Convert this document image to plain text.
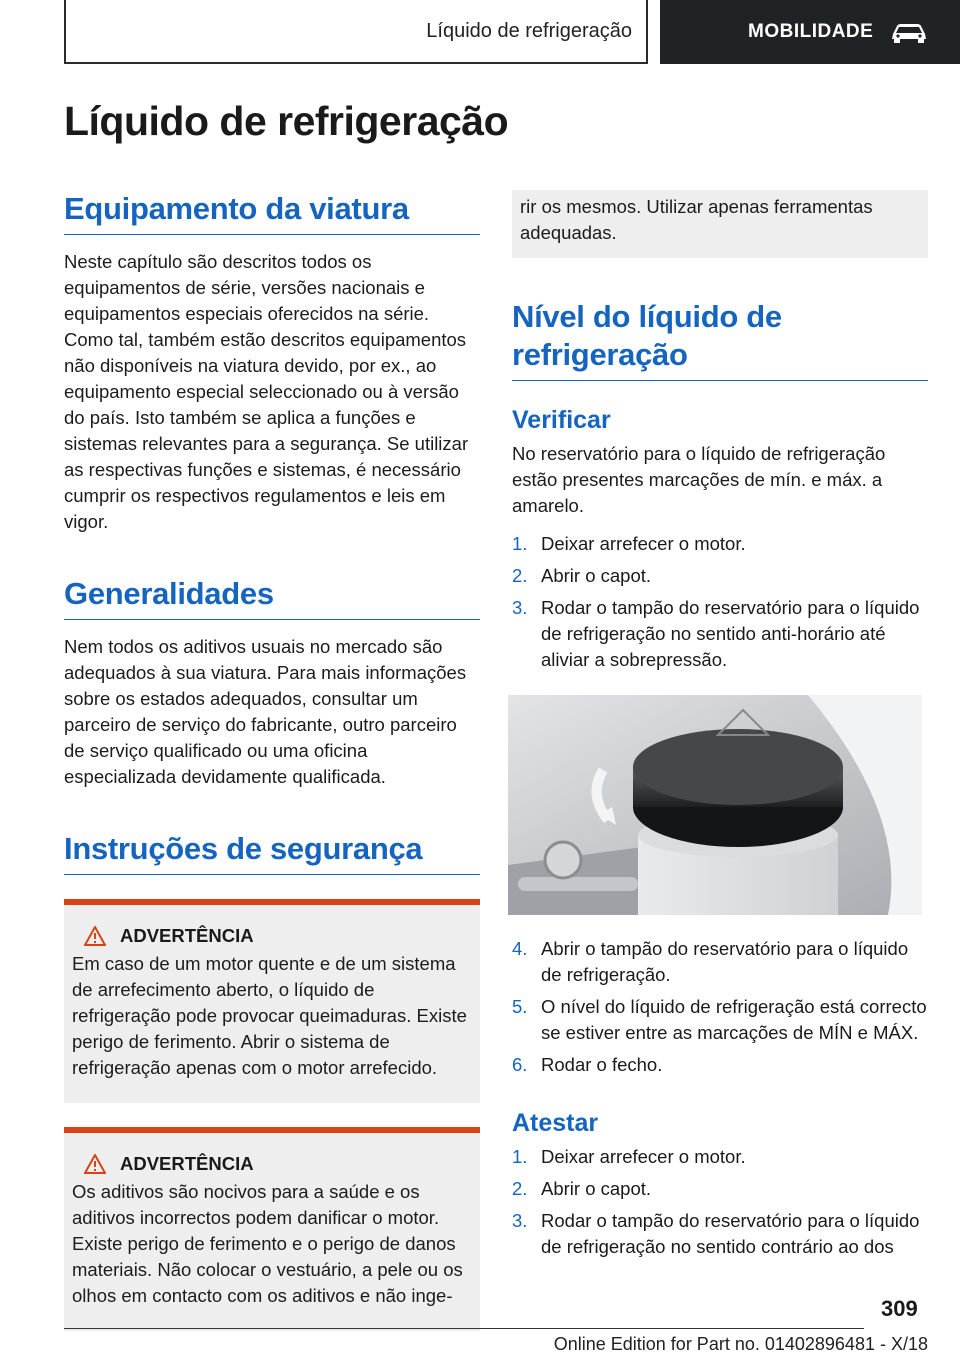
Líquido de refrigeração	MOBILIDADE
Líquido de refrigeração
Equipamento da viatura

Neste capítulo são descritos todos os equipamentos de série, versões nacionais e equipamentos especiais oferecidos na série. Como tal, também estão descritos equipamentos não disponíveis na viatura devido, por ex., ao equipamento especial seleccionado ou à versão do país. Isto também se aplica a funções e sistemas relevantes para a segurança. Se utilizar as respectivas funções e sistemas, é necessário cumprir os respectivos regulamentos e leis em vigor.

Generalidades

Nem todos os aditivos usuais no mercado são adequados à sua viatura. Para mais informações sobre os estados adequados, consultar um parceiro de serviço do fabricante, outro parceiro de serviço qualificado ou uma oficina especializada devidamente qualificada.

Instruções de segurança
ADVERTÊNCIA

Em caso de um motor quente e de um sistema de arrefecimento aberto, o líquido de refrigeração pode provocar queimaduras. Existe perigo de ferimento. Abrir o sistema de refrigeração apenas com o motor arrefecido.

ADVERTÊNCIA

Os aditivos são nocivos para a saúde e os aditivos incorrectos podem danificar o motor. Existe perigo de ferimento e o perigo de danos materiais. Não colocar o vestuário, a pele ou os olhos em contacto com os aditivos e não inge-

rir os mesmos. Utilizar apenas ferramentas adequadas.

Nível do líquido de refrigeração
Verificar

No reservatório para o líquido de refrigeração estão presentes marcações de mín. e máx. a amarelo.

1. Deixar arrefecer o motor.
2. Abrir o capot.
3. Rodar o tampão do reservatório para o líquido de refrigeração no sentido anti-horário até aliviar a sobrepressão.
4. Abrir o tampão do reservatório para o líquido de refrigeração.
5. O nível do líquido de refrigeração está correcto se estiver entre as marcações de MÍN e MÁX.
6. Rodar o fecho.
Atestar
1. Deixar arrefecer o motor.
2. Abrir o capot.
3. Rodar o tampão do reservatório para o líquido de refrigeração no sentido contrário ao dos
309
Online Edition for Part no. 01402896481 - X/18
